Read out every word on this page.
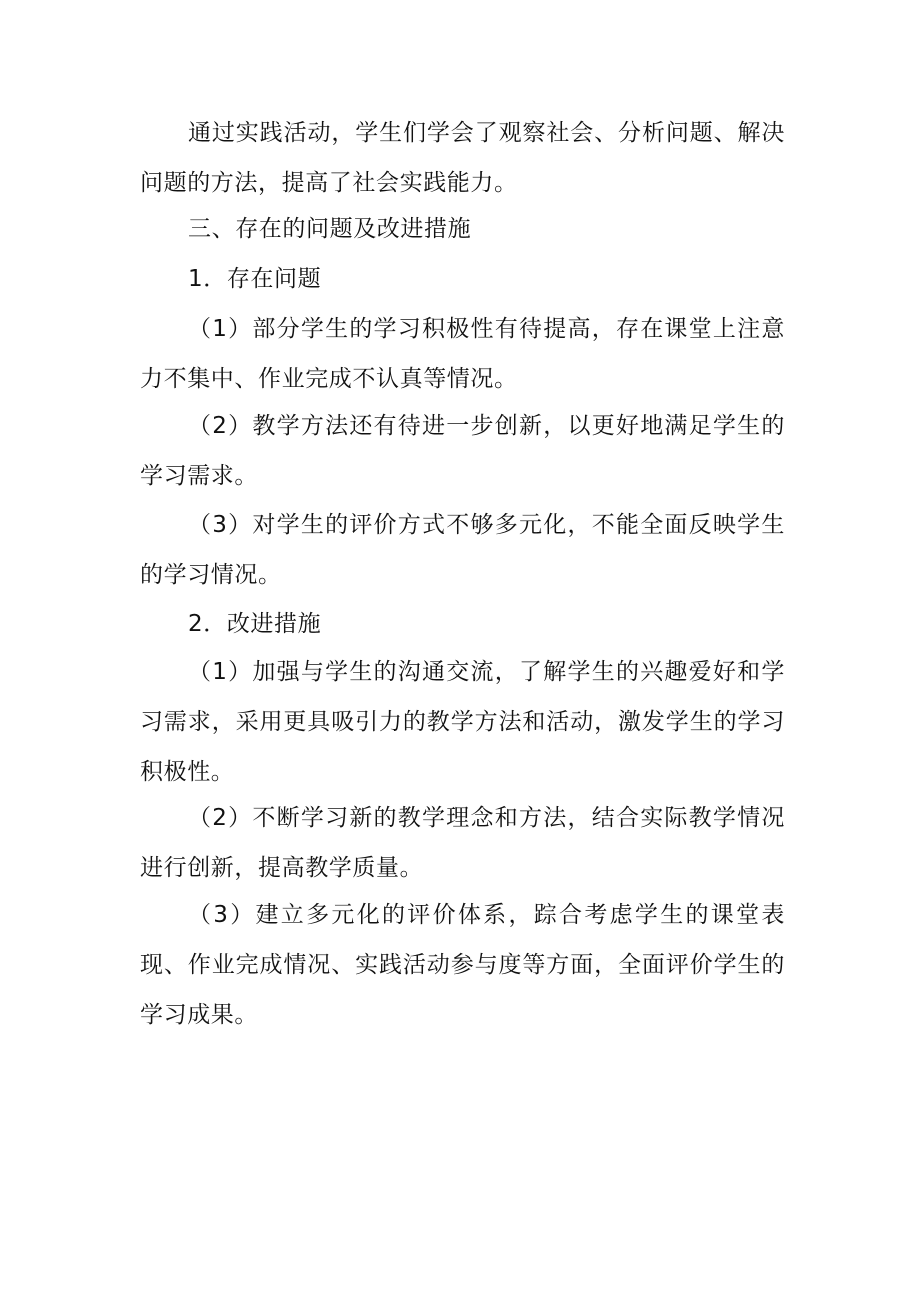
通过实践活动，学生们学会了观察社会、分析问题、解决问题的方法，提高了社会实践能力。

三、存在的问题及改进措施

1．存在问题

（1）部分学生的学习积极性有待提高，存在课堂上注意力不集中、作业完成不认真等情况。

（2）教学方法还有待进一步创新，以更好地满足学生的学习需求。

（3）对学生的评价方式不够多元化，不能全面反映学生的学习情况。

2．改进措施

（1）加强与学生的沟通交流，了解学生的兴趣爱好和学习需求，采用更具吸引力的教学方法和活动，激发学生的学习积极性。

（2）不断学习新的教学理念和方法，结合实际教学情况进行创新，提高教学质量。

（3）建立多元化的评价体系，踪合考虑学生的课堂表现、作业完成情况、实践活动参与度等方面，全面评价学生的学习成果。
